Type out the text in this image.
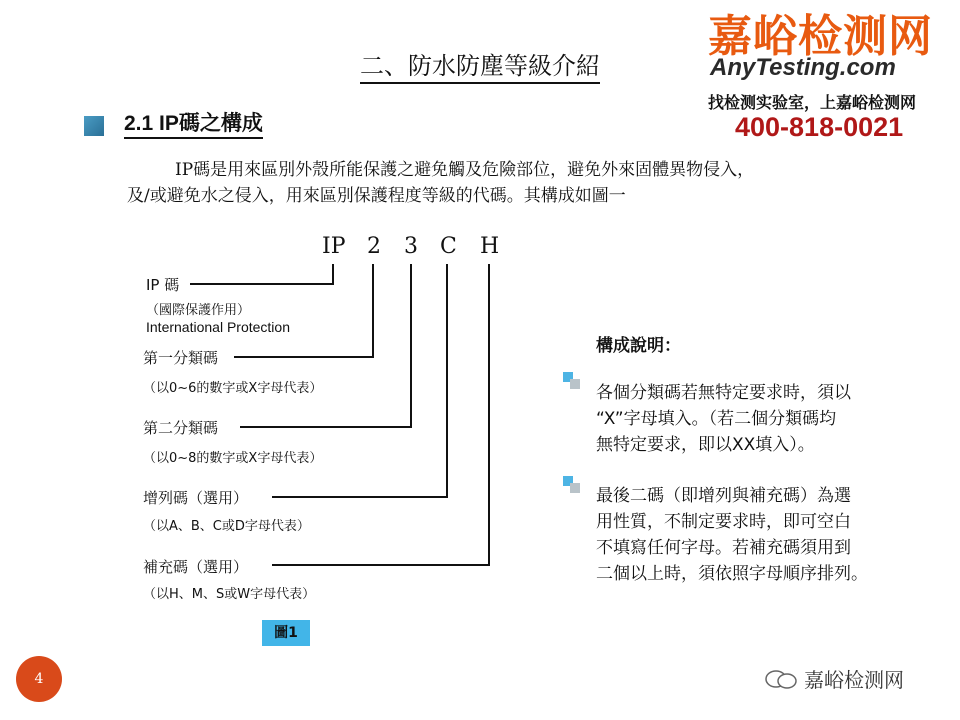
嘉峪检测网
AnyTesting.com
找检测实验室，上嘉峪检测网
400-818-0021
二、防水防塵等級介紹
2.1 IP碼之構成
IP碼是用來區別外殼所能保護之避免觸及危險部位，避免外來固體異物侵入，
及/或避免水之侵入，用來區別保護程度等級的代碼。其構成如圖一
IP 2 3 C H
IP 碼
（國際保護作用）
International Protection
第一分類碼
（以0~6的數字或X字母代表）
第二分類碼
（以0~8的數字或X字母代表）
增列碼（選用）
（以A、B、C或D字母代表）
補充碼（選用）
（以H、M、S或W字母代表）
圖1
構成說明：
各個分類碼若無特定要求時，須以
“X”字母填入。（若二個分類碼均
無特定要求，即以XX填入）。
最後二碼（即增列與補充碼）為選
用性質，不制定要求時，即可空白
不填寫任何字母。若補充碼須用到
二個以上時，須依照字母順序排列。
4	嘉峪检测网
